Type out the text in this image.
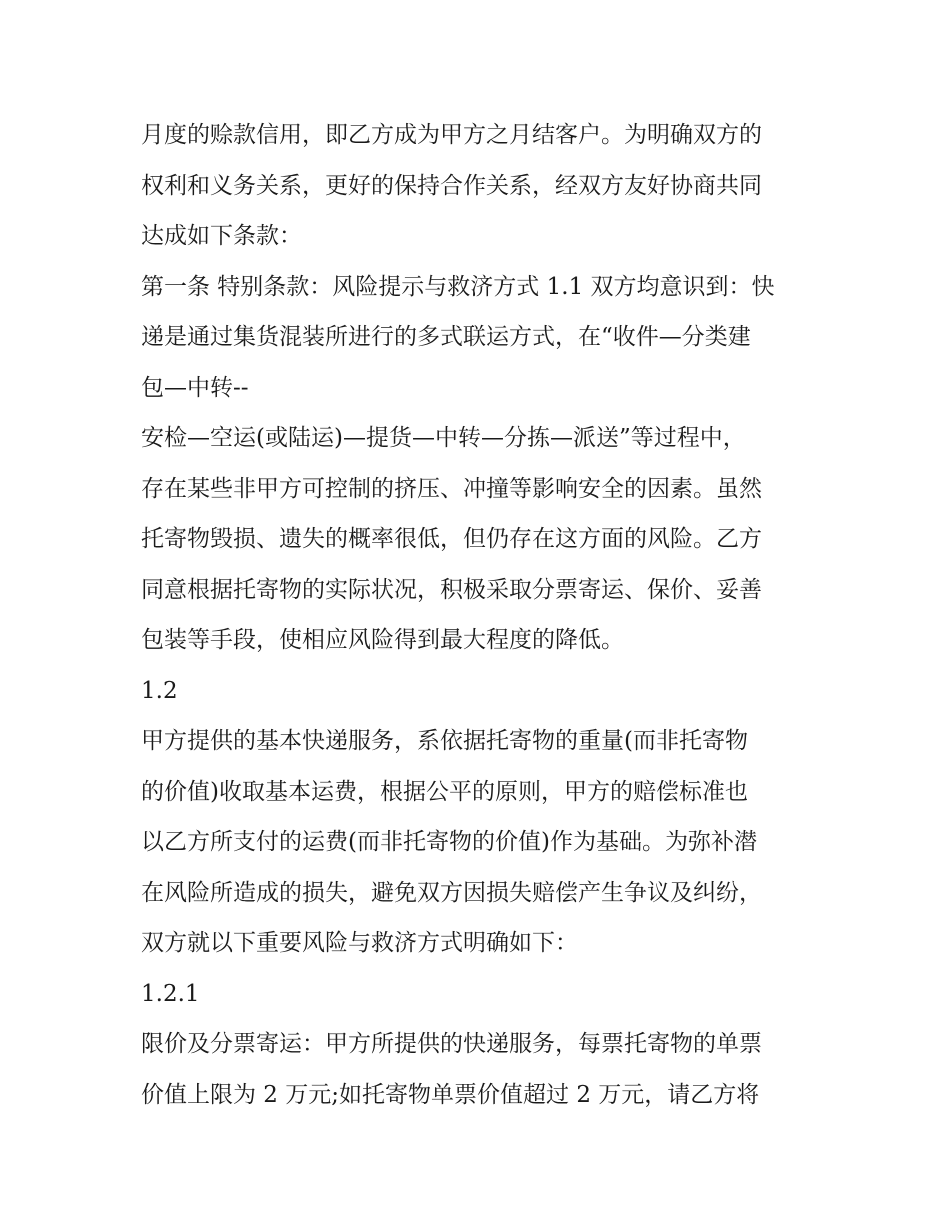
月度的赊款信用，即乙方成为甲方之月结客户。为明确双方的
权利和义务关系，更好的保持合作关系，经双方友好协商共同
达成如下条款：
第一条 特别条款：风险提示与救济方式 1.1 双方均意识到：快
递是通过集货混装所进行的多式联运方式，在“收件—分类建
包—中转--
安检—空运(或陆运)—提货—中转—分拣—派送”等过程中，
存在某些非甲方可控制的挤压、冲撞等影响安全的因素。虽然
托寄物毁损、遗失的概率很低，但仍存在这方面的风险。乙方
同意根据托寄物的实际状况，积极采取分票寄运、保价、妥善
包装等手段，使相应风险得到最大程度的降低。
1.2
甲方提供的基本快递服务，系依据托寄物的重量(而非托寄物
的价值)收取基本运费，根据公平的原则，甲方的赔偿标准也
以乙方所支付的运费(而非托寄物的价值)作为基础。为弥补潜
在风险所造成的损失，避免双方因损失赔偿产生争议及纠纷，
双方就以下重要风险与救济方式明确如下：
1.2.1
限价及分票寄运：甲方所提供的快递服务，每票托寄物的单票
价值上限为 2 万元;如托寄物单票价值超过 2 万元，请乙方将
